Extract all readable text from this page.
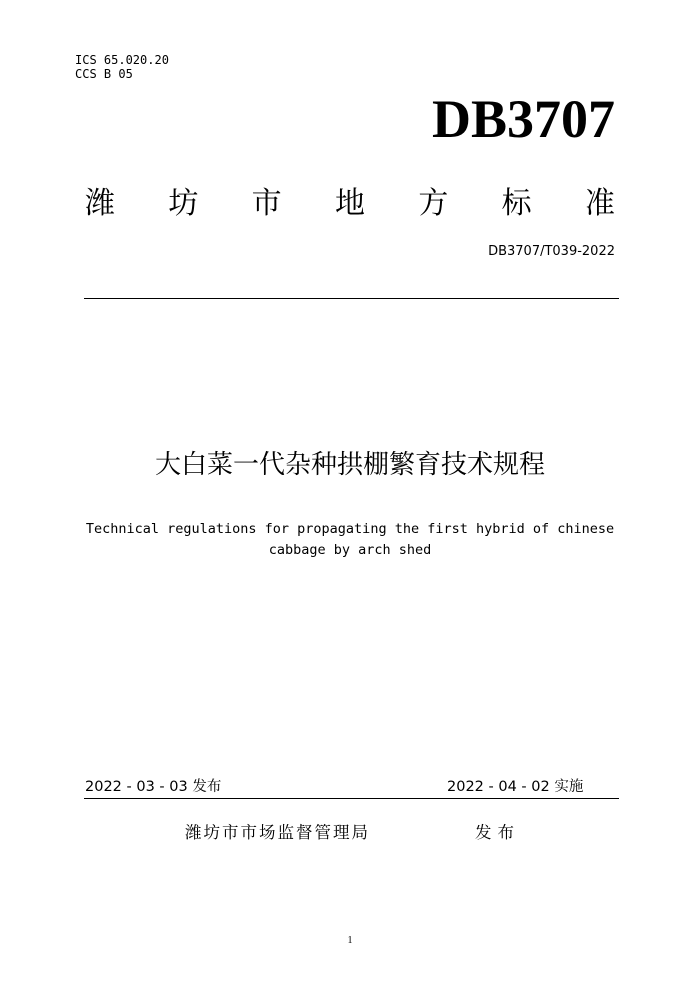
ICS 65.020.20
CCS B 05
DB3707
潍 坊 市 地 方 标 准
DB3707/T039-2022
大白菜一代杂种拱棚繁育技术规程
Technical regulations for propagating the first hybrid of chinese
cabbage by arch shed
2022 - 03 - 03 发布	2022 - 04 - 02 实施
潍坊市市场监督管理局	发布
1
